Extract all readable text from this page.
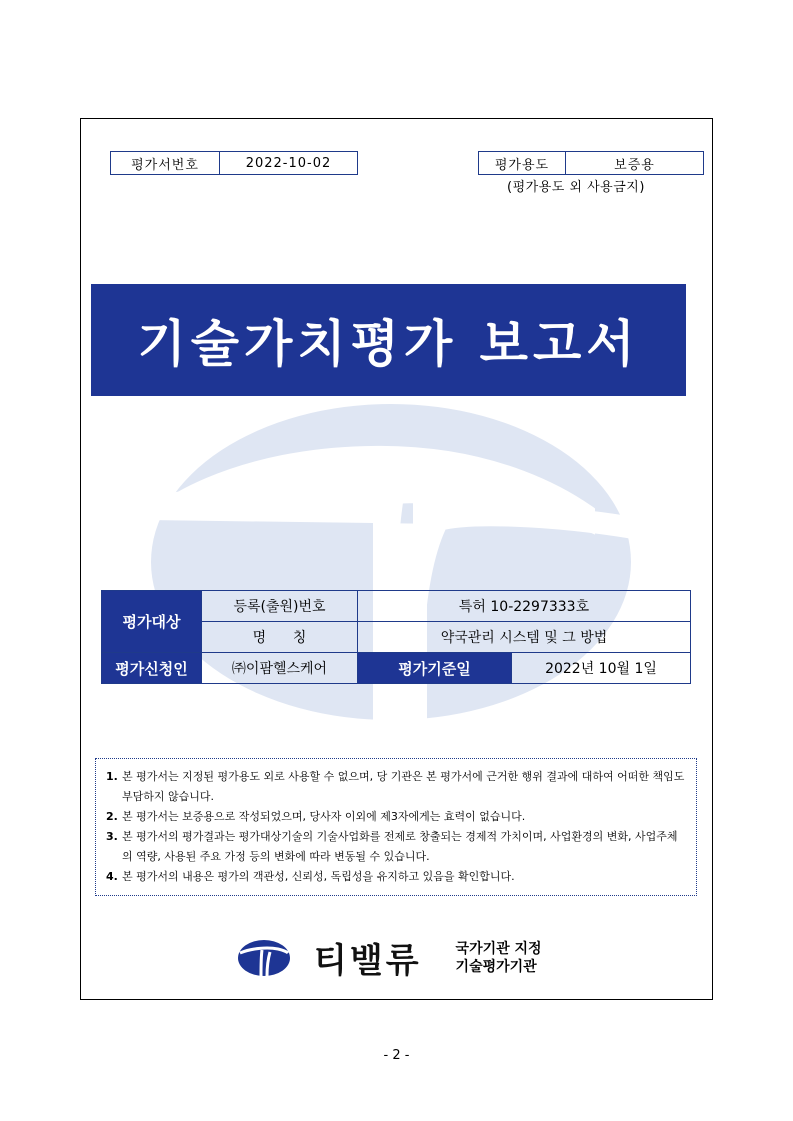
평가서번호	2022-10-02	평가용도	보증용
(평가용도 외 사용금지)
기술가치평가 보고서
평가대상	등록(출원)번호	특허 10-2297333호	
	명      칭	약국관리 시스템 및 그 방법	
평가신청인	㈜이팜헬스케어	평가기준일	2022년 10월 1일
1. 본 평가서는 지정된 평가용도 외로 사용할 수 없으며, 당 기관은 본 평가서에 근거한 행위 결과에 대하여 어떠한 책임도 부담하지 않습니다.
2. 본 평가서는 보증용으로 작성되었으며, 당사자 이외에 제3자에게는 효력이 없습니다.
3. 본 평가서의 평가결과는 평가대상기술의 기술사업화를 전제로 창출되는 경제적 가치이며, 사업환경의 변화, 사업주체의 역량, 사용된 주요 가정 등의 변화에 따라 변동될 수 있습니다.
4. 본 평가서의 내용은 평가의 객관성, 신뢰성, 독립성을 유지하고 있음을 확인합니다.
티밸류 국가기관 지정
기술평가기관
- 2 -
